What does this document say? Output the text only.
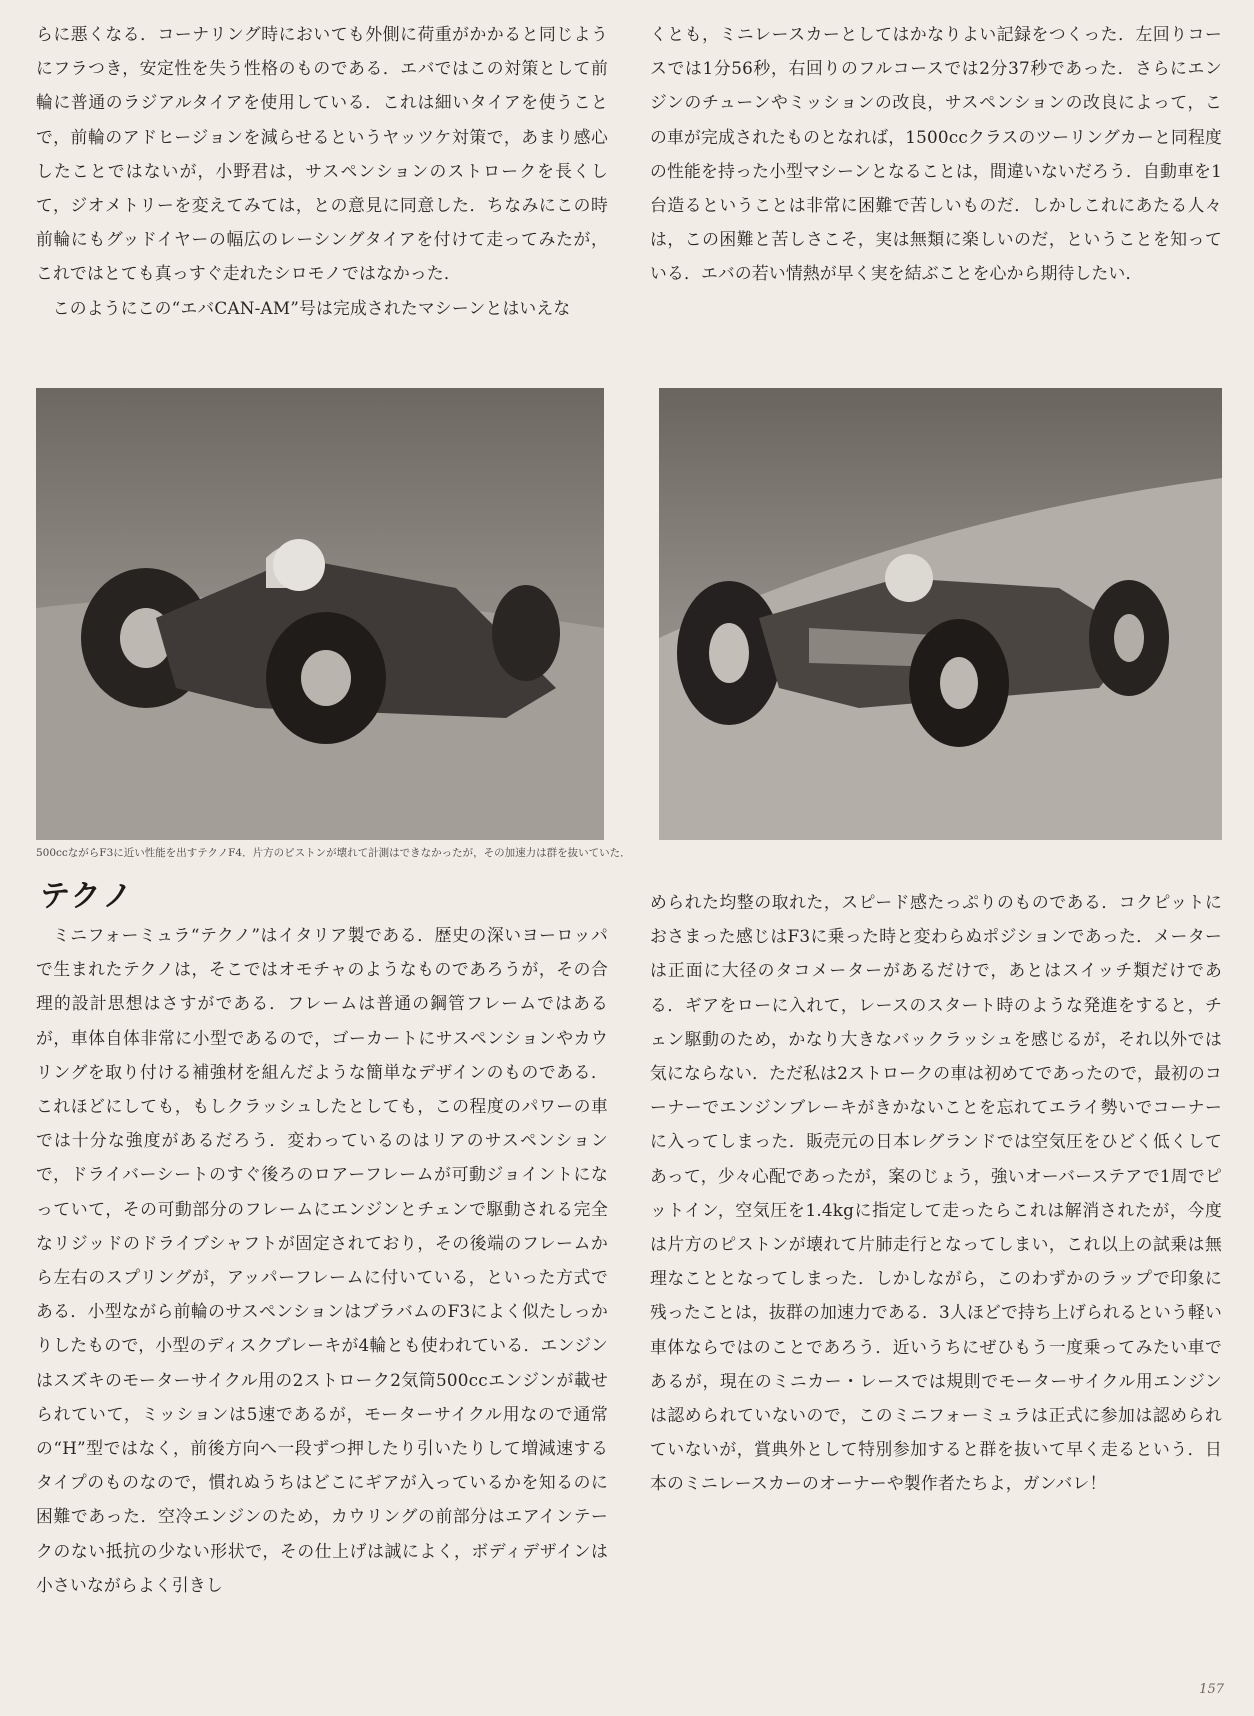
らに悪くなる．コーナリング時においても外側に荷重がかかると同じようにフラつき，安定性を失う性格のものである．エバではこの対策として前輪に普通のラジアルタイアを使用している．これは細いタイアを使うことで，前輪のアドヒージョンを減らせるというヤッツケ対策で，あまり感心したことではないが，小野君は，サスペンションのストロークを長くして，ジオメトリーを変えてみては，との意見に同意した．ちなみにこの時前輪にもグッドイヤーの幅広のレーシングタイアを付けて走ってみたが，これではとても真っすぐ走れたシロモノではなかった．

このようにこの“エバCAN-AM”号は完成されたマシーンとはいえな

くとも，ミニレースカーとしてはかなりよい記録をつくった．左回りコースでは1分56秒，右回りのフルコースでは2分37秒であった．さらにエンジンのチューンやミッションの改良，サスペンションの改良によって，この車が完成されたものとなれば，1500ccクラスのツーリングカーと同程度の性能を持った小型マシーンとなることは，間違いないだろう．自動車を1台造るということは非常に困難で苦しいものだ．しかしこれにあたる人々は，この困難と苦しさこそ，実は無類に楽しいのだ，ということを知っている．エバの若い情熱が早く実を結ぶことを心から期待したい．

500ccながらF3に近い性能を出すテクノF4．片方のピストンが壊れて計測はできなかったが，その加速力は群を抜いていた．
テクノ

ミニフォーミュラ“テクノ”はイタリア製である．歴史の深いヨーロッパで生まれたテクノは，そこではオモチャのようなものであろうが，その合理的設計思想はさすがである．フレームは普通の鋼管フレームではあるが，車体自体非常に小型であるので，ゴーカートにサスペンションやカウリングを取り付ける補強材を組んだような簡単なデザインのものである．これほどにしても，もしクラッシュしたとしても，この程度のパワーの車では十分な強度があるだろう．変わっているのはリアのサスペンションで，ドライバーシートのすぐ後ろのロアーフレームが可動ジョイントになっていて，その可動部分のフレームにエンジンとチェンで駆動される完全なリジッドのドライブシャフトが固定されており，その後端のフレームから左右のスプリングが，アッパーフレームに付いている，といった方式である．小型ながら前輪のサスペンションはブラバムのF3によく似たしっかりしたもので，小型のディスクブレーキが4輪とも使われている．エンジンはスズキのモーターサイクル用の2ストローク2気筒500ccエンジンが載せられていて，ミッションは5速であるが，モーターサイクル用なので通常の“H”型ではなく，前後方向へ一段ずつ押したり引いたりして増減速するタイプのものなので，慣れぬうちはどこにギアが入っているかを知るのに困難であった．空冷エンジンのため，カウリングの前部分はエアインテークのない抵抗の少ない形状で，その仕上げは誠によく，ボディデザインは小さいながらよく引きし

められた均整の取れた，スピード感たっぷりのものである．コクピットにおさまった感じはF3に乗った時と変わらぬポジションであった．メーターは正面に大径のタコメーターがあるだけで，あとはスイッチ類だけである．ギアをローに入れて，レースのスタート時のような発進をすると，チェン駆動のため，かなり大きなバックラッシュを感じるが，それ以外では気にならない．ただ私は2ストロークの車は初めてであったので，最初のコーナーでエンジンブレーキがきかないことを忘れてエライ勢いでコーナーに入ってしまった．販売元の日本レグランドでは空気圧をひどく低くしてあって，少々心配であったが，案のじょう，強いオーバーステアで1周でピットイン，空気圧を1.4kgに指定して走ったらこれは解消されたが，今度は片方のピストンが壊れて片肺走行となってしまい，これ以上の試乗は無理なこととなってしまった．しかしながら，このわずかのラップで印象に残ったことは，抜群の加速力である．3人ほどで持ち上げられるという軽い車体ならではのことであろう．近いうちにぜひもう一度乗ってみたい車であるが，現在のミニカー・レースでは規則でモーターサイクル用エンジンは認められていないので，このミニフォーミュラは正式に参加は認められていないが，賞典外として特別参加すると群を抜いて早く走るという．日本のミニレースカーのオーナーや製作者たちよ，ガンバレ！

157
